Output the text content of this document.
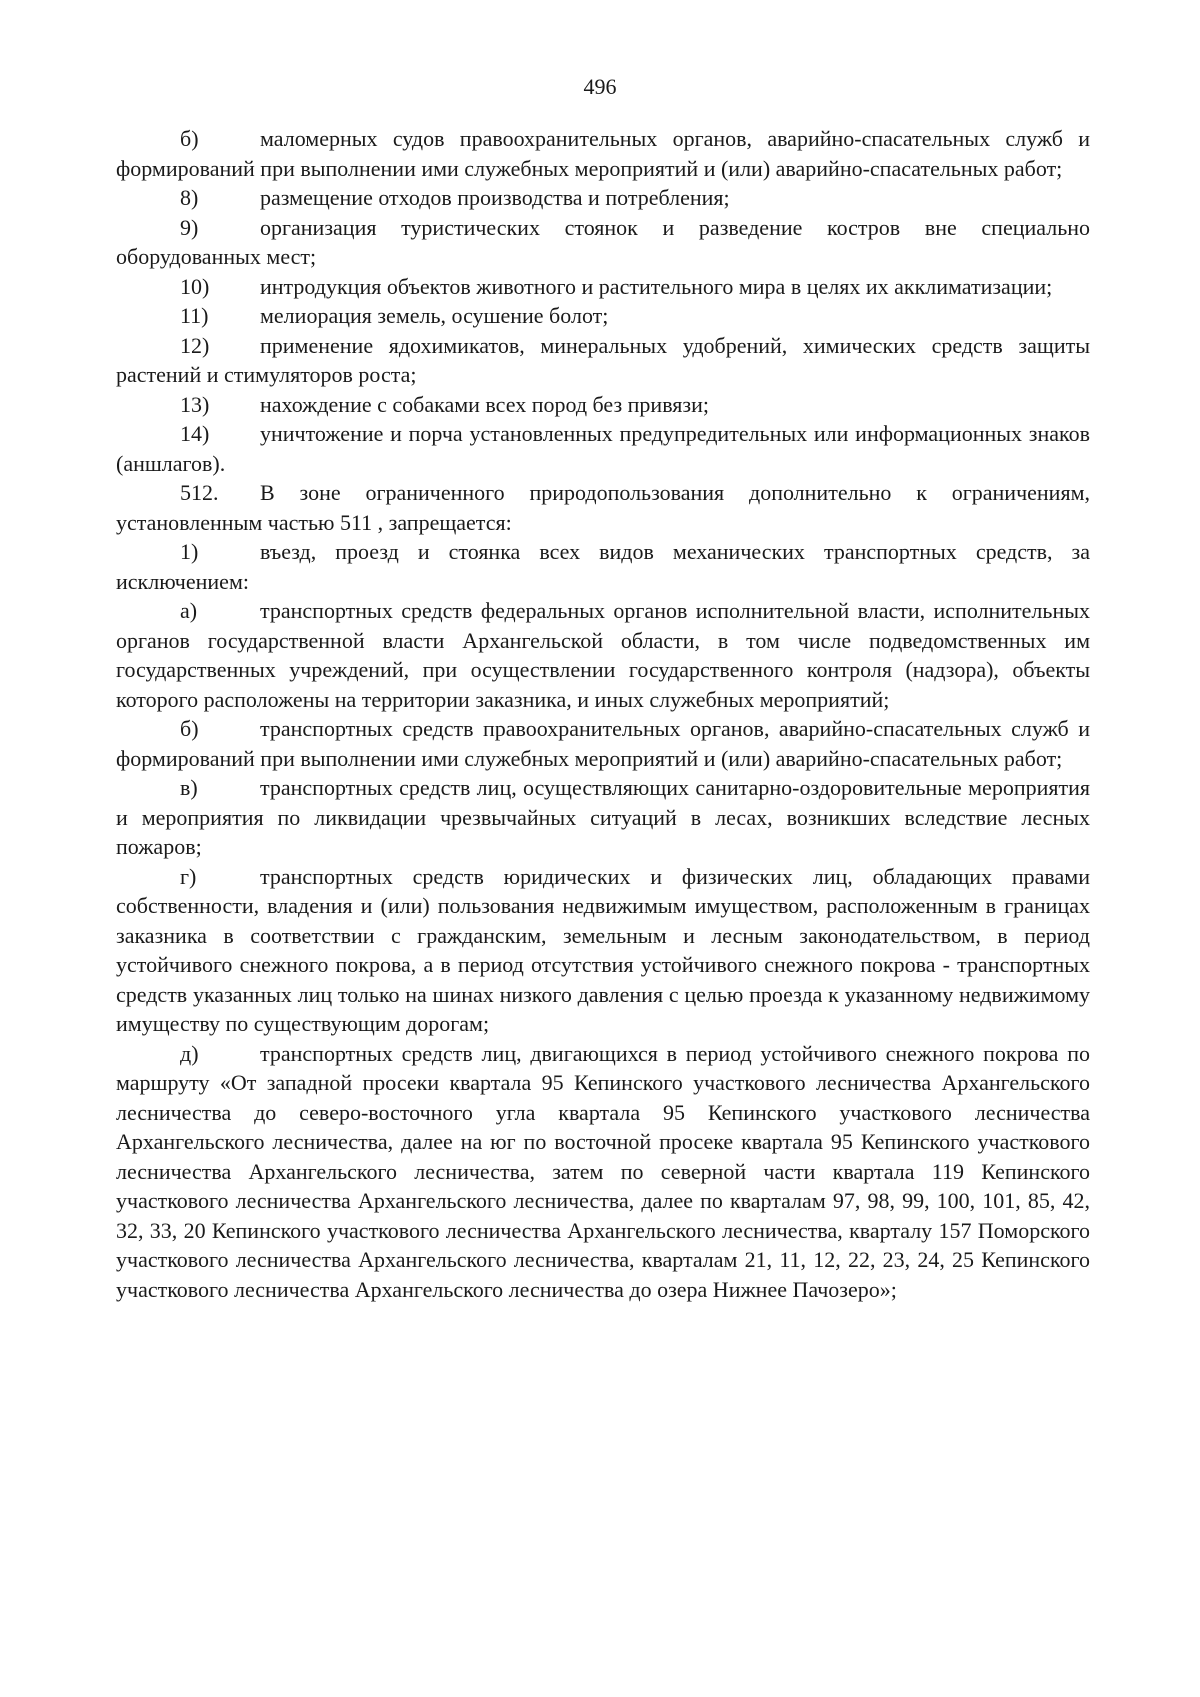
496

б)	маломерных судов правоохранительных органов, аварийно-спасательных служб и формирований при выполнении ими служебных мероприятий и (или) аварийно-спасательных работ;

8)	размещение отходов производства и потребления;

9)	организация туристических стоянок и разведение костров вне специально оборудованных мест;

10) интродукция объектов животного и растительного мира в целях их акклиматизации;

11) мелиорация земель, осушение болот;

12) применение ядохимикатов, минеральных удобрений, химических средств защиты растений и стимуляторов роста;

13) нахождение с собаками всех пород без привязи;

14) уничтожение и порча установленных предупредительных или информационных знаков (аншлагов).

512. В зоне ограниченного природопользования дополнительно к ограничениям, установленным частью 511 , запрещается:

1)	въезд, проезд и стоянка всех видов механических транспортных средств, за исключением:

а)	транспортных средств федеральных органов исполнительной власти, исполнительных органов государственной власти Архангельской области, в том числе подведомственных им государственных учреждений, при осуществлении государственного контроля (надзора), объекты которого расположены на территории заказника, и иных служебных мероприятий;

б)	транспортных средств правоохранительных органов, аварийно-спасательных служб и формирований при выполнении ими служебных мероприятий и (или) аварийно-спасательных работ;

в)	транспортных средств лиц, осуществляющих санитарно-оздоровительные мероприятия и мероприятия по ликвидации чрезвычайных ситуаций в лесах, возникших вследствие лесных пожаров;

г)	транспортных средств юридических и физических лиц, обладающих правами собственности, владения и (или) пользования недвижимым имуществом, расположенным в границах заказника в соответствии с гражданским, земельным и лесным законодательством, в период устойчивого снежного покрова, а в период отсутствия устойчивого снежного покрова - транспортных средств указанных лиц только на шинах низкого давления с целью проезда к указанному недвижимому имуществу по существующим дорогам;

д)	транспортных средств лиц, двигающихся в период устойчивого снежного покрова по маршруту «От западной просеки квартала 95 Кепинского участкового лесничества Архангельского лесничества до северо-восточного угла квартала 95 Кепинского участкового лесничества Архангельского лесничества, далее на юг по восточной просеке квартала 95 Кепинского участкового лесничества Архангельского лесничества, затем по северной части квартала 119 Кепинского участкового лесничества Архангельского лесничества, далее по кварталам 97, 98, 99, 100, 101, 85, 42, 32, 33, 20 Кепинского участкового лесничества Архангельского лесничества, кварталу 157 Поморского участкового лесничества Архангельского лесничества, кварталам 21, 11, 12, 22, 23, 24, 25 Кепинского участкового лесничества Архангельского лесничества до озера Нижнее Пачозеро»;
